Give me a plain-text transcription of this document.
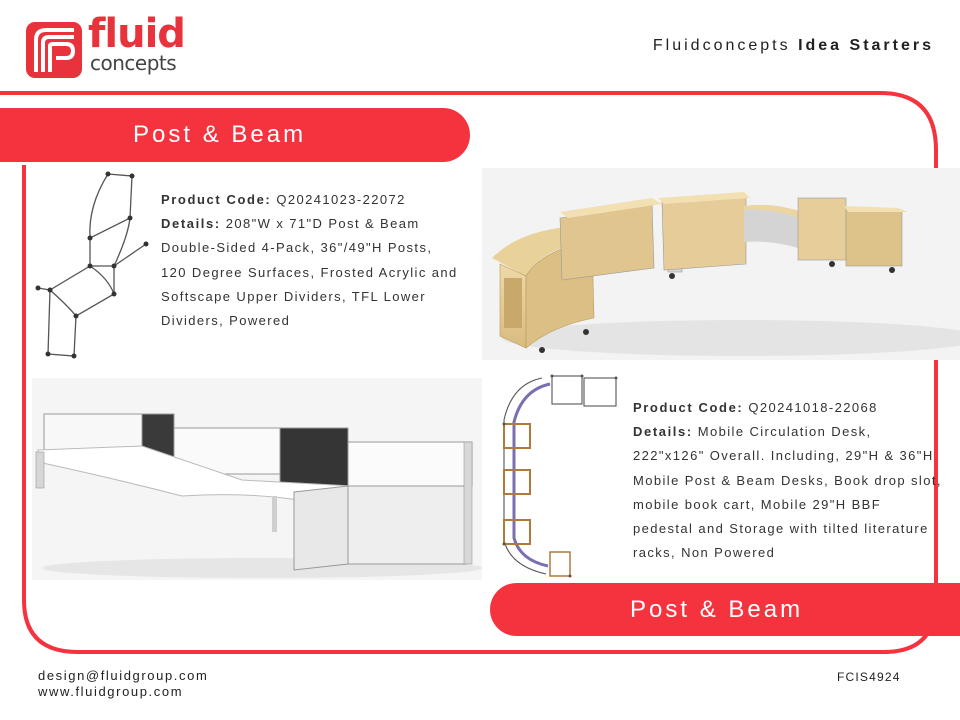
fluid
concepts
Fluidconcepts Idea Starters
Post & Beam
Post & Beam
Product Code: Q20241023-22072
Details: 208"W x 71"D Post & Beam Double-Sided 4-Pack, 36"/49"H Posts, 120 Degree Surfaces, Frosted Acrylic and Softscape Upper Dividers, TFL Lower Dividers, Powered
Product Code: Q20241018-22068
Details: Mobile Circulation Desk, 222"x126" Overall. Including, 29"H & 36"H Mobile Post & Beam Desks, Book drop slot, mobile book cart, Mobile 29"H BBF pedestal and Storage with tilted literature racks, Non Powered
design@fluidgroup.com
www.fluidgroup.com
FCIS4924
